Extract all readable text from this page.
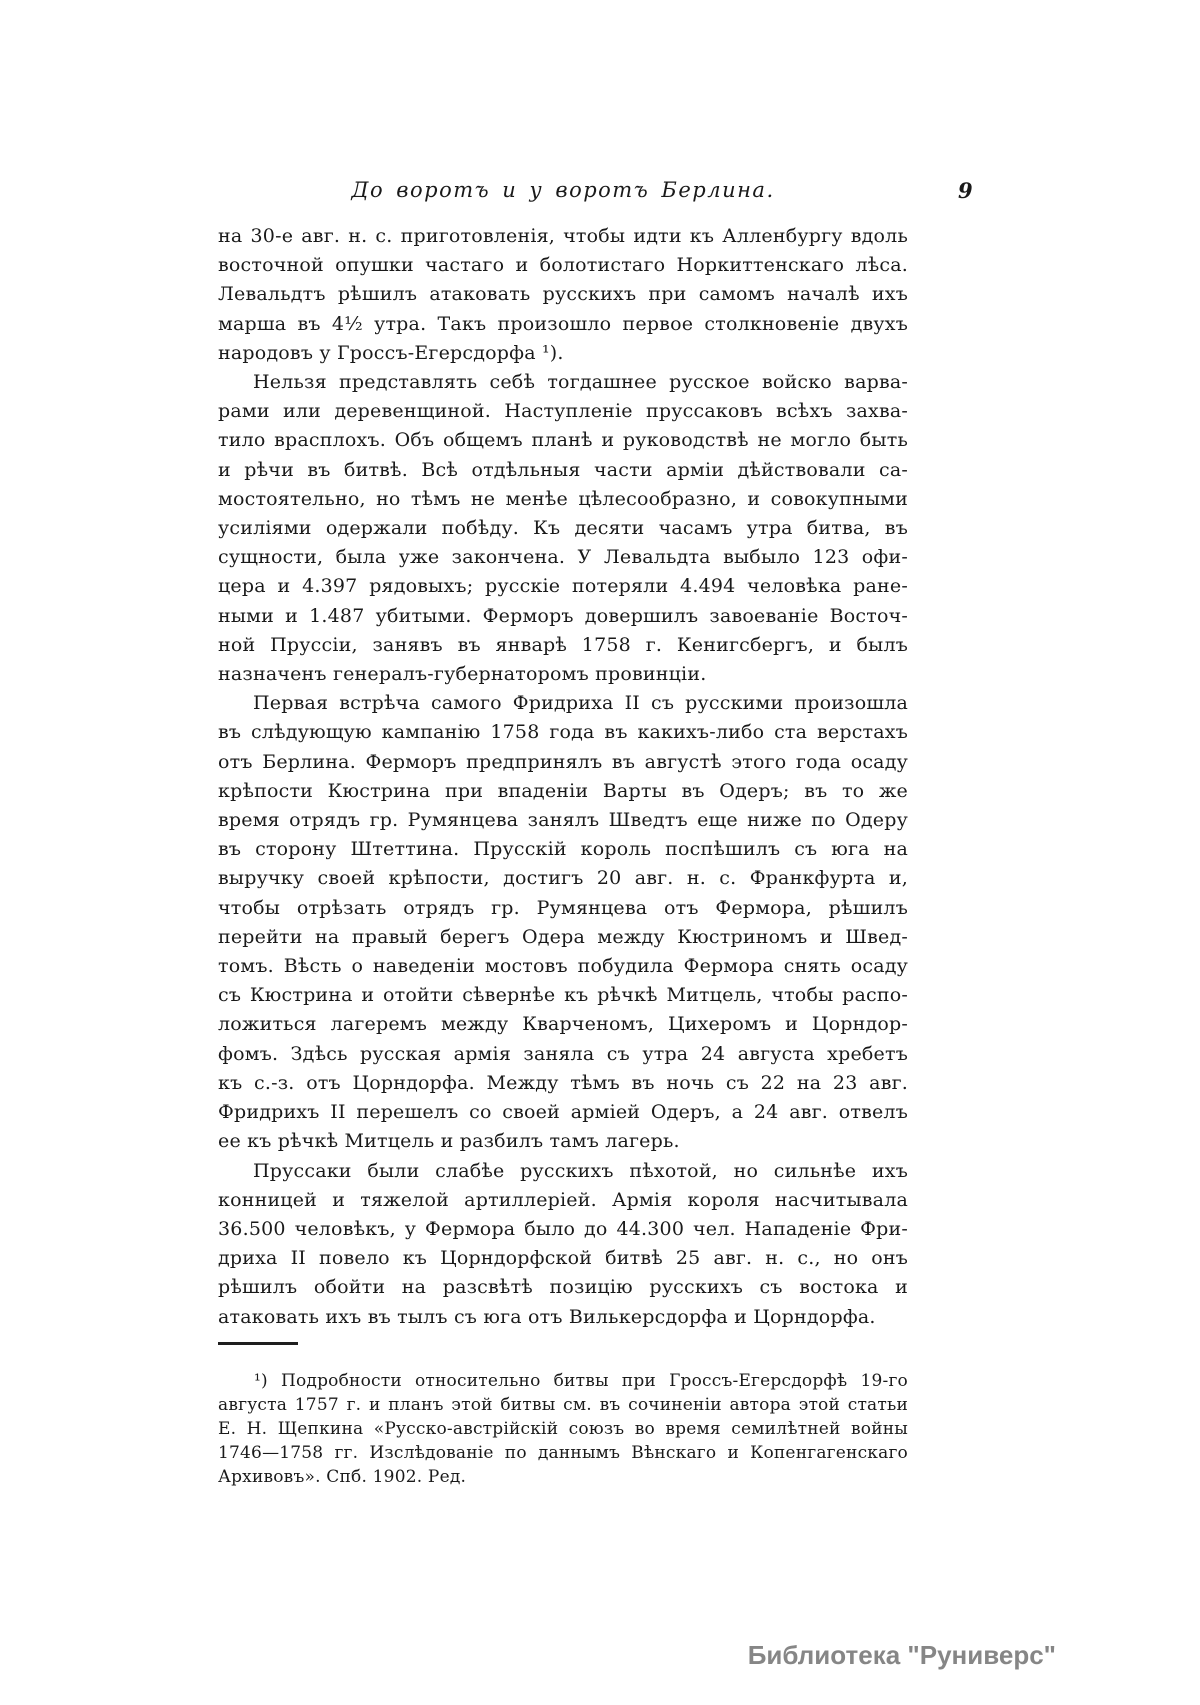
До воротъ и у воротъ Берлина.	9
на 30-е авг. н. с. приготовленія, чтобы идти къ Алленбургу вдоль
восточной опушки частаго и болотистаго Норкиттенскаго лѣса.
Левальдтъ рѣшилъ атаковать русскихъ при самомъ началѣ ихъ
марша въ 4½ утра. Такъ произошло первое столкновеніе двухъ
народовъ у Гроссъ-Егерсдорфа ¹).
Нельзя представлять себѣ тогдашнее русское войско варва-
рами или деревенщиной. Наступленіе пруссаковъ всѣхъ захва-
тило врасплохъ. Объ общемъ планѣ и руководствѣ не могло быть
и рѣчи въ битвѣ. Всѣ отдѣльныя части арміи дѣйствовали са-
мостоятельно, но тѣмъ не менѣе цѣлесообразно, и совокупными
усиліями одержали побѣду. Къ десяти часамъ утра битва, въ
сущности, была уже закончена. У Левальдта выбыло 123 офи-
цера и 4.397 рядовыхъ; русскіе потеряли 4.494 человѣка ране-
ными и 1.487 убитыми. Ферморъ довершилъ завоеваніе Восточ-
ной Пруссіи, занявъ въ январѣ 1758 г. Кенигсбергъ, и былъ
назначенъ генералъ-губернаторомъ провинціи.
Первая встрѣча самого Фридриха II съ русскими произошла
въ слѣдующую кампанію 1758 года въ какихъ-либо ста верстахъ
отъ Берлина. Ферморъ предпринялъ въ августѣ этого года осаду
крѣпости Кюстрина при впаденіи Варты въ Одеръ; въ то же
время отрядъ гр. Румянцева занялъ Шведтъ еще ниже по Одеру
въ сторону Штеттина. Прусскій король поспѣшилъ съ юга на
выручку своей крѣпости, достигъ 20 авг. н. с. Франкфурта и,
чтобы отрѣзать отрядъ гр. Румянцева отъ Фермора, рѣшилъ
перейти на правый берегъ Одера между Кюстриномъ и Швед-
томъ. Вѣсть о наведеніи мостовъ побудила Фермора снять осаду
съ Кюстрина и отойти сѣвернѣе къ рѣчкѣ Митцель, чтобы распо-
ложиться лагеремъ между Кварченомъ, Цихеромъ и Цорндор-
фомъ. Здѣсь русская армія заняла съ утра 24 августа хребетъ
къ с.-з. отъ Цорндорфа. Между тѣмъ въ ночь съ 22 на 23 авг.
Фридрихъ II перешелъ со своей арміей Одеръ, а 24 авг. отвелъ
ее къ рѣчкѣ Митцель и разбилъ тамъ лагерь.
Пруссаки были слабѣе русскихъ пѣхотой, но сильнѣе ихъ
конницей и тяжелой артиллеріей. Армія короля насчитывала
36.500 человѣкъ, у Фермора было до 44.300 чел. Нападеніе Фри-
дриха II повело къ Цорндорфской битвѣ 25 авг. н. с., но онъ
рѣшилъ обойти на разсвѣтѣ позицію русскихъ съ востока и
атаковать ихъ въ тылъ съ юга отъ Вилькерсдорфа и Цорндорфа.
¹) Подробности относительно битвы при Гроссъ-Егерсдорфѣ 19-го
августа 1757 г. и планъ этой битвы см. въ сочиненіи автора этой статьи
Е. Н. Щепкина «Русско-австрійскій союзъ во время семилѣтней войны
1746—1758 гг. Изслѣдованіе по даннымъ Вѣнскаго и Копенгагенскаго
Архивовъ». Спб. 1902. Ред.
Библиотека "Руниверс"
